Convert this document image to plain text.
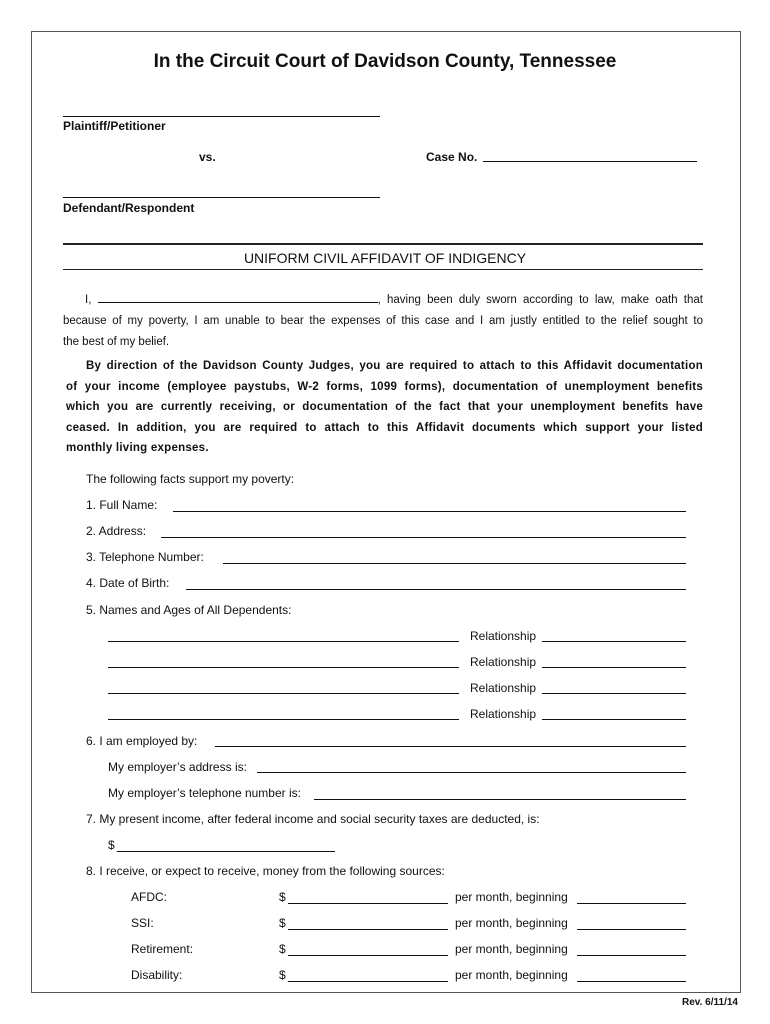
In the Circuit Court of Davidson County, Tennessee
Plaintiff/Petitioner
vs.	Case No.
Defendant/Respondent
UNIFORM CIVIL AFFIDAVIT OF INDIGENCY

I,	, having been duly sworn according to law, make oath that

because of my poverty, I am unable to bear the expenses of this case and I am justly entitled to the relief sought to

the best of my belief.

By direction of the Davidson County Judges, you are required to attach to this Affidavit documentation

of your income (employee paystubs, W-2 forms, 1099 forms), documentation of unemployment benefits

which you are currently receiving, or documentation of the fact that your unemployment benefits have

ceased. In addition, you are required to attach to this Affidavit documents which support your listed

monthly living expenses.

The following facts support my poverty:
1. Full Name:
2. Address:
3. Telephone Number:
4. Date of Birth:
5. Names and Ages of All Dependents:
Relationship
Relationship
Relationship
Relationship
6. I am employed by:
My employer’s address is:
My employer’s telephone number is:
7. My present income, after federal income and social security taxes are deducted, is:
$
8. I receive, or expect to receive, money from the following sources:
AFDC:	$	per month, beginning
SSI:	$	per month, beginning
Retirement:	$	per month, beginning
Disability:	$	per month, beginning
Rev. 6/11/14
